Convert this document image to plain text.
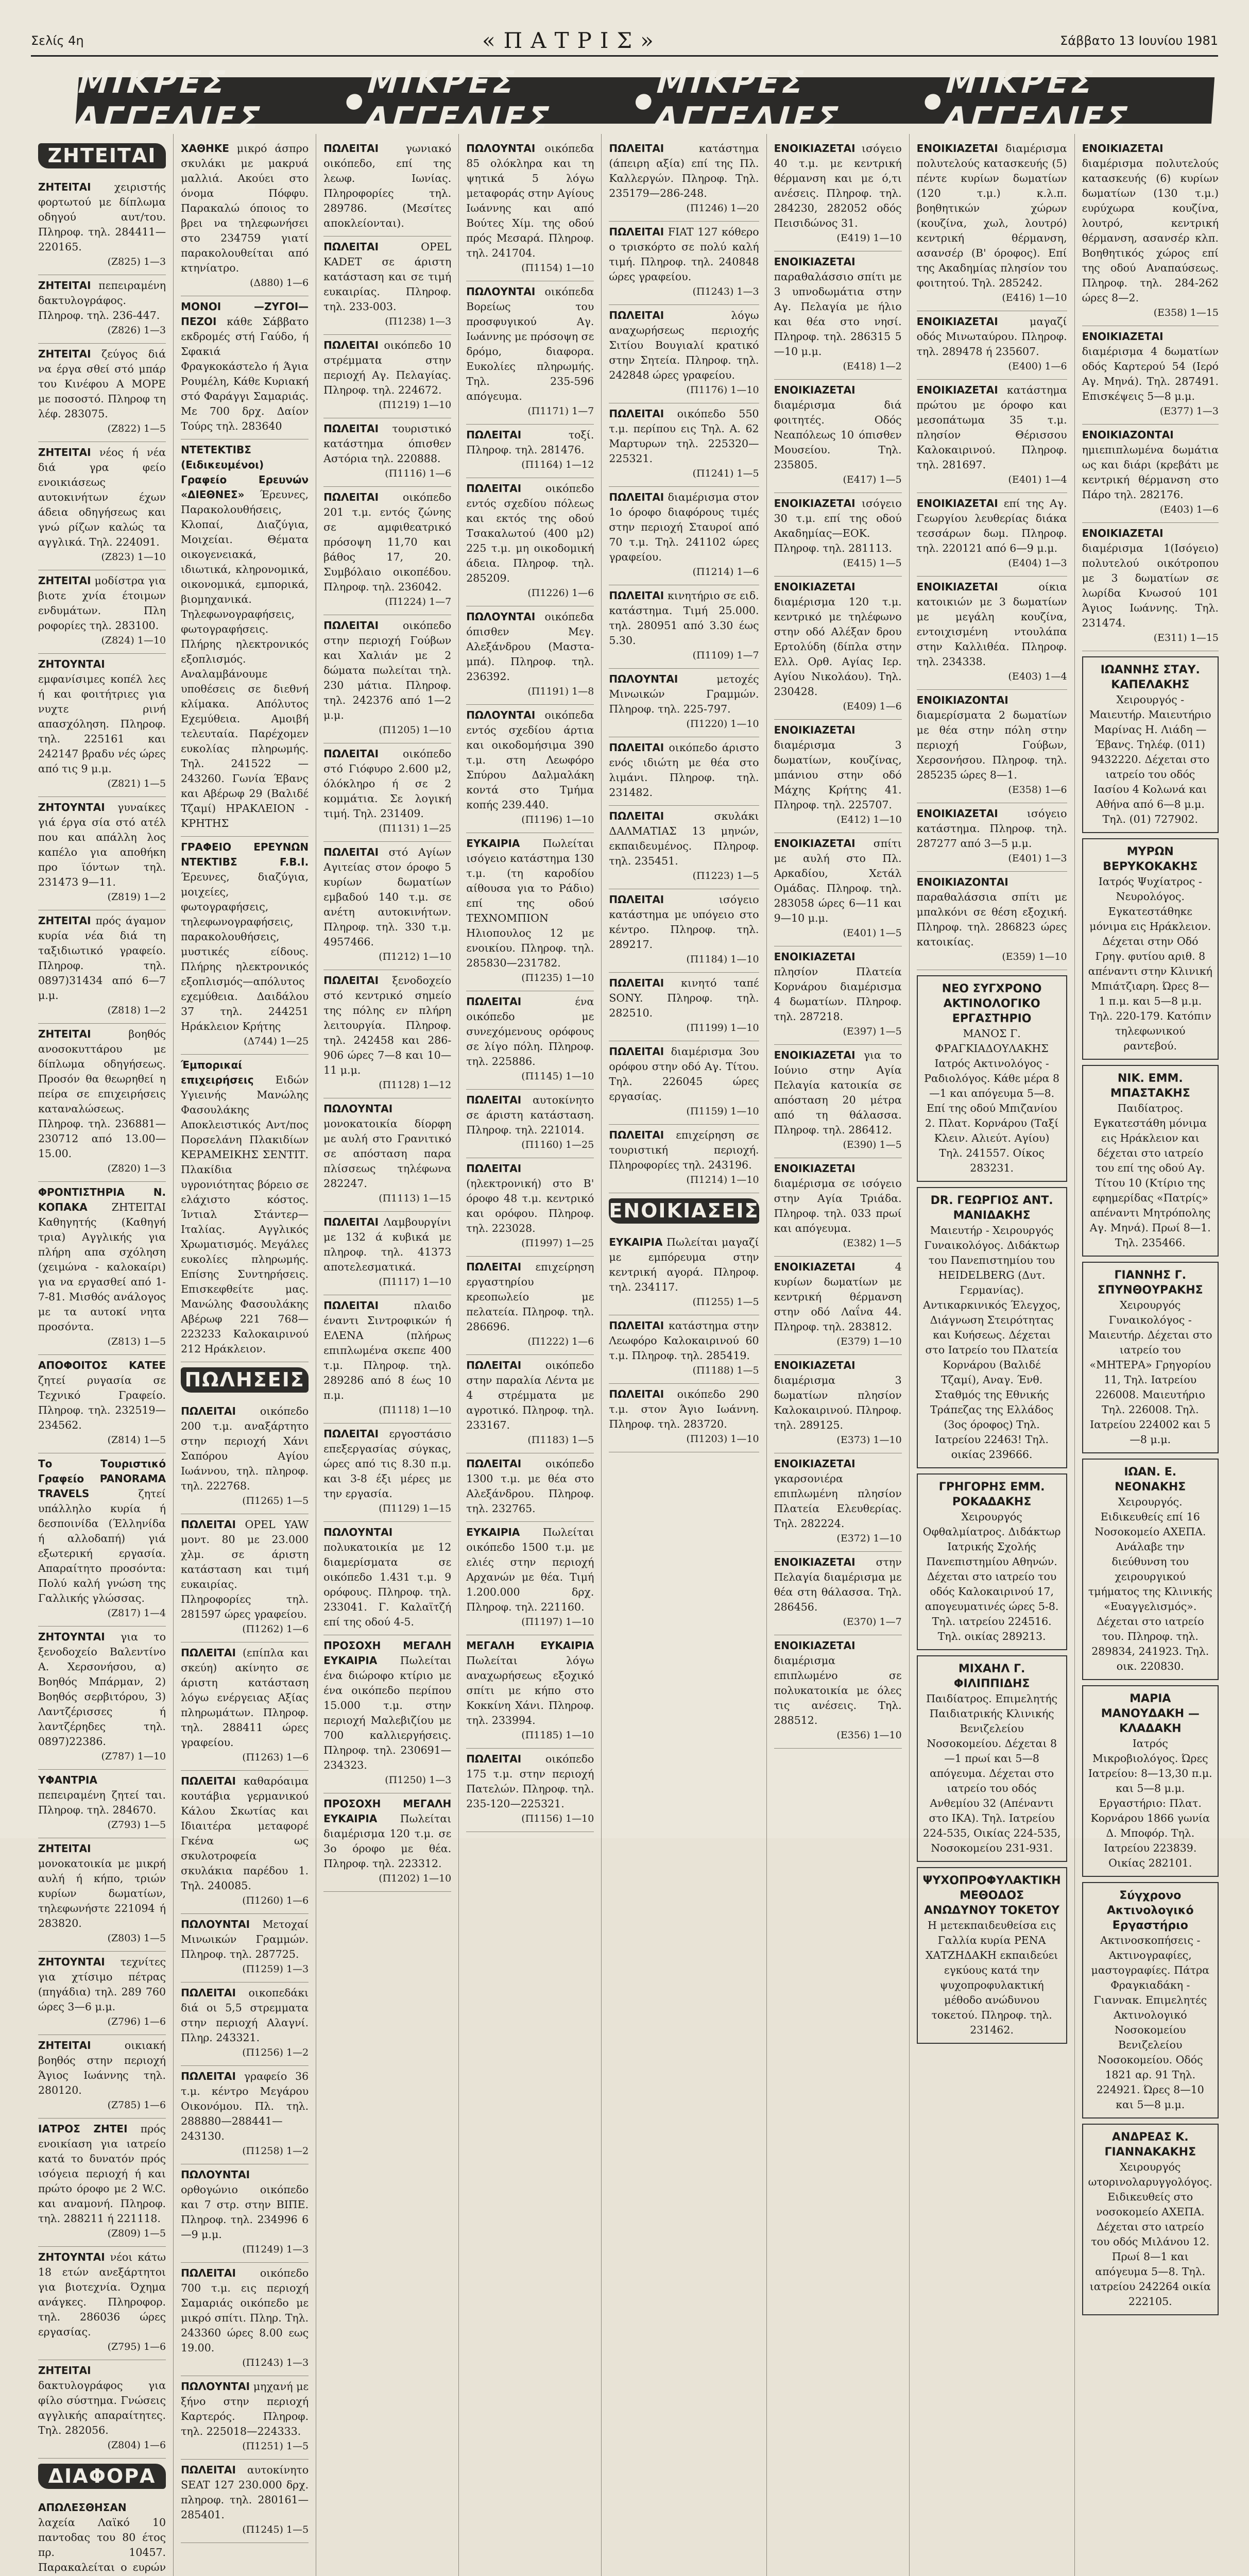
Σελίς 4η	«ΠΑΤΡΙΣ»	Σάββατο 13 Ιουνίου 1981
ΜΙΚΡΕΣ ΑΓΓΕΛΙΕΣ	●
ΜΙΚΡΕΣ ΑΓΓΕΛΙΕΣ	●
ΜΙΚΡΕΣ ΑΓΓΕΛΙΕΣ	●
ΜΙΚΡΕΣ ΑΓΓΕΛΙΕΣ
ΖΗΤΕΙΤΑΙ
ΖΗΤΕΙΤΑΙ χειριστής φορτωτού με δίπλωμα οδηγού αυτ/του. Πληροφ. τηλ. 284411—220165.
(Z825) 1—3
ΖΗΤΕΙΤΑΙ πεπειραμένη δακτυλογράφος. Πληροφ. τηλ. 236-447.
(Z826) 1—3
ΖΗΤΕΙΤΑΙ ζεύγος διά να έργα σθεί στό μπάρ του Κινέφου Α ΜΟΡΕ με ποσοστό. Πληροφ τη λέφ. 283075.
(Z822) 1—5
ΖΗΤΕΙΤΑΙ νέος ή νέα διά γρα φείο ενοικιάσεως αυτοκινήτων έχων άδεια οδηγήσεως και γνώ ρίζων καλώς τα αγγλικά. Τηλ. 224091.
(Z823) 1—10
ΖΗΤΕΙΤΑΙ μοδίστρα για βιοτε χνία έτοιμων ενδυμάτων. Πλη ροφορίες τηλ. 283100.
(Z824) 1—10
ΖΗΤΟΥΝΤΑΙ εμφανίσιμες κοπέλ λες ή και φοιτήτριες για νυχτε ρινή απασχόληση. Πληροφ. τηλ. 225161 και 242147 βραδυ νές ώρες από τις 9 μ.μ.
(Z821) 1—5
ΖΗΤΟΥΝΤΑΙ γυναίκες γιά έργα σία στό ατέλ που και απάλλη λος καπέλο για αποθήκη προ ϊόντων τηλ. 231473 9—11.
(Z819) 1—2
ΖΗΤΕΙΤΑΙ πρός άγαμον κυρία νέα διά τη ταξιδιωτικό γραφείο. Πληροφ. τηλ. 0897)31434 από 6—7 μ.μ.
(Z818) 1—2
ΖΗΤΕΙΤΑΙ	βοηθός ανοσοκυττάρου με δίπλωμα οδηγήσεως. Προσόν θα θεωρηθεί η πείρα σε επιχειρήσεις καταναλώσεως. Πληροφ. τηλ. 236881—230712 από 13.00—15.00.
(Z820) 1—3
ΦΡΟΝΤΙΣΤΗΡΙΑ Ν. ΚΟΠΑΚΑ ΖΗΤΕΙΤΑΙ Καθηγητής (Καθηγή τρια) Αγγλικής για πλήρη απα σχόληση (χειμώνα - καλοκαίρι) για να εργασθεί από 1-7-81. Μισθός ανάλογος με τα αυτοκί νητα προσόντα.
(Z813) 1—5
ΑΠΟΦΟΙΤΟΣ ΚΑΤΕΕ ζητεί ρυγασία σε Τεχνικό Γραφείο. Πληροφ. τηλ. 232519—234562.
(Z814) 1—5
Το Τουριστικό Γραφείο PANORAMA TRAVELS	ζητεί υπάλληλο κυρία ή δεσποινίδα (Έλληνίδα ή αλλοδαπή) γιά εξωτερική εργασία. Απαραίτητο προσόντα: Πολύ καλή γνώση της Γαλλικής γλώσσας.
(Z817) 1—4
ΖΗΤΟΥΝΤΑΙ για το ξενοδοχείο Βαλεντίνο Α. Χερσονήσου, α) Βοηθός Μπάρμαν, 2) Βοηθός σερβιτόρου, 3) Λαντζέρισσες ή λαντζέρηδες τηλ. 0897)22386.
(Z787) 1—10
ΥΦΑΝΤΡΙΑ πεπειραμένη ζητεί ται. Πληροφ. τηλ. 284670.
(Z793) 1—5
ΖΗΤΕΙΤΑΙ μονοκατοικία με μικρή αυλή ή κήπο, τριών κυρίων δωματίων, τηλεφωνήστε 221094 ή 283820.
(Z803) 1—5
ΖΗΤΟΥΝΤΑΙ τεχνίτες για χτίσιμο πέτρας (πηγάδια) τηλ. 289 760 ώρες 3—6 μ.μ.
(Z796) 1—6
ΖΗΤΕΙΤΑΙ	οικιακή βοηθός στην περιοχή Άγιος Ιωάννης τηλ. 280120.
(Z785) 1—6
ΙΑΤΡΟΣ ΖΗΤΕΙ πρός ενοικίαση για ιατρείο κατά το δυνατόν πρός ισόγεια περιοχή ή και πρώτο όροφο με 2 W.C. και αναμονή. Πληροφ. τηλ. 288211 ή 221118.
(Z809) 1—5
ΖΗΤΟΥΝΤΑΙ νέοι κάτω 18 ετών ανεξάρτητοι για βιοτεχνία. Όχημα ανάγκες. Πληροφορ. τηλ. 286036 ώρες εργασίας.
(Z795) 1—6
ΖΗΤΕΙΤΑΙ δακτυλογράφος για φίλο σύστημα. Γνώσεις αγγλικής απαραίτητες. Τηλ. 282056.
(Z804) 1—6
ΔΙΑΦΟΡΑ
ΑΠΩΛΕΣΘΗΣΑΝ λαχεία Λαϊκό 10 παντοδας του 80 έτος πρ. 10457. Παρακαλείται ο ευρών
ΧΑΘΗΚΕ μικρό άσπρο σκυλάκι με μακρυά μαλλιά. Ακούει στο όνομα Πόφφυ. Παρακαλώ όποιος το βρει να τηλεφωνήσει στο 234759 γιατί παρακολουθείται από κτηνίατρο.
(Δ880) 1—6
ΜΟΝΟΙ —ΖΥΓΟΙ—ΠΕΖΟΙ κάθε Σάββατο εκδρομές στή Γαύδο, ή Σφακιά Φραγκοκάστελο ή Άγια Ρουμέλη, Κάθε Κυριακή στό Φαράγγι Σαμαριάς. Με 700 δρχ. Δαίον Τούρς τηλ. 283640
ΝΤΕΤΕΚΤΙΒΣ (Ειδικευμένοι) Γραφείο Ερευνών «ΔΙΕΘΝΕΣ» Έρευνες, Παρακολουθήσεις, Κλοπαί, Διαζύγια, Μοιχείαι. Θέματα οικογενειακά, ιδιωτικά, κληρονομικά, οικονομικά, εμπορικά, βιομηχανικά. Τηλεφωνογραφήσεις, φωτογραφήσεις. Πλήρης ηλεκτρονικός εξοπλισμός. Αναλαμβάνουμε υποθέσεις σε διεθνή κλίμακα. Απόλυτος Εχεμύθεια. Αμοιβή τελευταία. Παρέχομεν ευκολίας πληρωμής. Τηλ. 241522 — 243260. Γωνία Έβανς και Αβέρωφ 29 (Βαλιδέ Τζαμί) ΗΡΑΚΛΕΙΟΝ - ΚΡΗΤΗΣ
ΓΡΑΦΕΙΟ ΕΡΕΥΝΩΝ ΝΤΕΚΤΙΒΣ F.B.I. Έρευνες, διαζύγια, μοιχείες, φωτογραφήσεις, τηλεφωνογραφήσεις, παρακολουθήσεις, μυστικές είδους. Πλήρης ηλεκτρονικός εξοπλισμός—απόλυτος εχεμύθεια. Δαιδάλου 37 τηλ. 244251 Ηράκλειον Κρήτης
(Δ744) 1—25
Έμπορικαί επιχειρήσεις Ειδών Υγιεινής Μανώλης Φασουλάκης Αποκλειστικός Αντ/πος Πορσελάνη Πλακιδίων ΚΕΡΑΜΕΙΚΗΣ ΣΕΝΤΙΤ. Πλακίδια υγρονιότητας βόρειο σε ελάχιστο κόστος. Ίντιαλ Στάντερ—Ιταλίας. Αγγλικός Χρωματισμός. Μεγάλες ευκολίες πληρωμής. Επίσης Συντηρήσεις. Επισκεφθείτε μας. Μανώλης Φασουλάκης Αβέρωφ 221 768—223233 Καλοκαιρινού 212 Ηράκλειον.
ΠΩΛΗΣΕΙΣ
ΠΩΛΕΙΤΑΙ οικόπεδο 200 τ.μ. αναξάρτητο στην περιοχή Χάνι Σαπόρου Αγίου Ιωάννου, τηλ. πληροφ. τηλ. 222768.
(Π1265) 1—5
ΠΩΛΕΙΤΑΙ OPEL YAW μοντ. 80 με 23.000 χλμ. σε άριστη κατάσταση και τιμή ευκαιρίας. Πληροφορίες τηλ. 281597 ώρες γραφείου.
(Π1262) 1—6
ΠΩΛΕΙΤΑΙ (επίπλα και σκεύη) ακίνητο σε άριστη κατάσταση λόγω ενέργειας Αξίας πληρωμάτων. Πληροφ. τηλ. 288411 ώρες γραφείου.
(Π1263) 1—6
ΠΩΛΕΙΤΑΙ καθαρόαιμα κουτάβια γερμανικού Κάλου Σκωτίας και Ιδιαιτέρα μεταφορέ Γκένα ως σκυλοτροφεία σκυλάκια παρέδου 1. Τηλ. 240085.
(Π1260) 1—6
ΠΩΛΟΥΝΤΑΙ Μετοχαί Μινωικών Γραμμών. Πληροφ. τηλ. 287725.
(Π1259) 1—3
ΠΩΛΕΙΤΑΙ οικοπεδάκι διά οι 5,5 στρεμματα στην περιοχή Αλαγνί. Πληρ. 243321.
(Π1256) 1—2
ΠΩΛΕΙΤΑΙ γραφείο 36 τ.μ. κέντρο Μεγάρου Οικονόμου. Πλ. τηλ. 288880—288441—243130.
(Π1258) 1—2
ΠΩΛΟΥΝΤΑΙ ορθογώνιο οικόπεδο και 7 στρ. στην ΒΙΠΕ. Πληροφ. τηλ. 234996 6—9 μ.μ.
(Π1249) 1—3
ΠΩΛΕΙΤΑΙ οικόπεδο 700 τ.μ. εις περιοχή Σαμαριάς οικόπεδο με μικρό σπίτι. Πληρ. Τηλ. 243360 ώρες 8.00 εως 19.00.
(Π1243) 1—3
ΠΩΛΟΥΝΤΑΙ μηχανή με ξήνο στην περιοχή Καρτερός. Πληροφ. τηλ. 225018—224333.
(Π1251) 1—5
ΠΩΛΕΙΤΑΙ αυτοκίνητο SEAT 127 230.000 δρχ. πληροφ. τηλ. 280161—285401.
(Π1245) 1—5
ΠΩΛΕΙΤΑΙ	γωνιακό οικόπεδο, επί της λεωφ. Ιωνίας. Πληροφορίες τηλ. 289786. (Μεσίτες αποκλείονται).
ΠΩΛΕΙΤΑΙ	OPEL KADET σε άριστη κατάσταση και σε τιμή ευκαιρίας. Πληροφ. τηλ. 233-003.
(Π1238) 1—3
ΠΩΛΕΙΤΑΙ οικόπεδο 10 στρέμματα στην περιοχή Αγ. Πελαγίας. Πληροφ. τηλ. 224672.
(Π1219) 1—10
ΠΩΛΕΙΤΑΙ τουριστικό κατάστημα όπισθεν Αστόρια τηλ. 220888.
(Π1116) 1—6
ΠΩΛΕΙΤΑΙ οικόπεδο 201 τ.μ. εντός ζώνης σε αμφιθεατρικό πρόσοψη 11,70 και βάθος 17, 20. Συμβόλαιο οικοπέδου. Πληροφ. τηλ. 236042.
(Π1224) 1—7
ΠΩΛΕΙΤΑΙ οικόπεδο στην περιοχή Γούβων και Χαλιάν με 2 δώματα πωλείται τηλ. 230 μάτια. Πληροφ. τηλ. 242376 από 1—2 μ.μ.
(Π1205) 1—10
ΠΩΛΕΙΤΑΙ οικόπεδο στό Γιόφυρο 2.600 μ2, όλόκληρο ή σε 2 κομμάτια. Σε λογική τιμή. Τηλ. 231409.
(Π1131) 1—25
ΠΩΛΕΙΤΑΙ στό Αγίων Αγιτείας στον όροφο 5 κυρίων δωματίων εμβαδού 140 τ.μ. σε ανέτη αυτοκινήτων. Πληροφ. τηλ. 330 τ.μ. 4957466.
(Π1212) 1—10
ΠΩΛΕΙΤΑΙ ξενοδοχείο στό κεντρικό σημείο της πόλης εν πλήρη λειτουργία. Πληροφ. τηλ. 242458 και 286-906 ώρες 7—8 και 10—11 μ.μ.
(Π1128) 1—12
ΠΩΛΟΥΝΤΑΙ μονοκατοικία δίορφη με αυλή στο Γρανιτικό σε απόσταση παρα πλίσσεως τηλέφωνα 282247.
(Π1113) 1—15
ΠΩΛΕΙΤΑΙ Λαμβουργίνι με 132 ά κυβικά με πληροφ. τηλ. 41373 αποτελεσματικά.
(Π1117) 1—10
ΠΩΛΕΙΤΑΙ	πλαιδο έναντι Σιντροφικών ή ΕΛΕΝΑ (πλήρως επιπλωμένα σκεπε 400 τ.μ. Πληροφ. τηλ. 289286 από 8 έως 10 π.μ.
(Π1118) 1—10
ΠΩΛΕΙΤΑΙ εργοστάσιο επεξεργασίας σύγκας, ώρες από τις 8.30 π.μ. και 3-8 έξι μέρες με την εργασία.
(Π1129) 1—15
ΠΩΛΟΥΝΤΑΙ πολυκατοικία με 12 διαμερίσματα σε οικόπεδο 1.431 τ.μ. 9 ορόφους. Πληροφ. τηλ. 233041. Γ. Καλαϊτζή επί της οδού 4-5.
ΠΡΟΣΟΧΗ ΜΕΓΑΛΗ ΕΥΚΑΙΡΙΑ Πωλείται ένα διώροφο κτίριο με ένα οικόπεδο περίπου 15.000 τ.μ. στην περιοχή Μαλεβιζίου με 700 καλλιεργήσεις. Πληροφ. τηλ. 230691—234323.
(Π1250) 1—3
ΠΡΟΣΟΧΗ ΜΕΓΑΛΗ ΕΥΚΑΙΡΙΑ Πωλείται διαμέρισμα 120 τ.μ. σε 3ο όροφο με θέα. Πληροφ. τηλ. 223312.
(Π1202) 1—10
ΠΩΛΟΥΝΤΑΙ οικόπεδα 85 ολόκληρα και τη ψητικά 5 λόγω μεταφοράς στην Αγίους Ιωάννης και από Βούτες Χίμ. της οδού πρός Μεσαρά. Πληροφ. τηλ. 241704.
(Π1154) 1—10
ΠΩΛΟΥΝΤΑΙ οικόπεδα Βορείως του προσφυγικού Αγ. Ιωάννης με πρόσοψη σε δρόμο, διαφορα. Ευκολίες πληρωμής. Τηλ. 235-596 απόγευμα.
(Π1171) 1—7
ΠΩΛΕΙΤΑΙ	τοξί. Πληροφ. τηλ. 281476.
(Π1164) 1—12
ΠΩΛΕΙΤΑΙ οικόπεδο εντός σχεδίου πόλεως και εκτός της οδού Τσακαλωτού (400 μ2) 225 τ.μ. μη οικοδομική άδεια. Πληροφ. τηλ. 285209.
(Π1226) 1—6
ΠΩΛΟΥΝΤΑΙ οικόπεδα όπισθεν Μεγ. Αλεξάνδρου (Μαστα-μπά). Πληροφ. τηλ. 236392.
(Π1191) 1—8
ΠΩΛΟΥΝΤΑΙ οικόπεδα εντός σχεδίου άρτια και οικοδομήσιμα 390 τ.μ. στη Λεωφόρο Σπύρου Δαλμαλάκη κοντά στο Τμήμα κοπής 239.440.
(Π1196) 1—10
ΕΥΚΑΙΡΙΑ Πωλείται ισόγειο κατάστημα 130 τ.μ. (τη καροδίου αίθουσα για το Ράδιο) επί της οδού ΤΕΧΝΟΜΠΙΟΝ Ηλιοπουλος 12 με ενοικίου. Πληροφ. τηλ. 285830—231782.
(Π1235) 1—10
ΠΩΛΕΙΤΑΙ	ένα οικόπεδο με συνεχόμενους ορόφους σε λίγο πόλη. Πληροφ. τηλ. 225886.
(Π1145) 1—10
ΠΩΛΕΙΤΑΙ αυτοκίνητο σε άριστη κατάσταση. Πληροφ. τηλ. 221014.
(Π1160) 1—25
ΠΩΛΕΙΤΑΙ (ηλεκτρονική) στο Β' όροφο 48 τ.μ. κεντρικό και ορόφου. Πληροφ. τηλ. 223028.
(Π1997) 1—25
ΠΩΛΕΙΤΑΙ επιχείρηση εργαστηρίου κρεοπωλείο με πελατεία. Πληροφ. τηλ. 286696.
(Π1222) 1—6
ΠΩΛΕΙΤΑΙ οικόπεδο στην παραλία Λέντα με 4 στρέμματα με αγροτικό. Πληροφ. τηλ. 233167.
(Π1183) 1—5
ΠΩΛΕΙΤΑΙ οικόπεδο 1300 τ.μ. με θέα στο Αλεξάνδρου. Πληροφ. τηλ. 232765.
ΕΥΚΑΙΡΙΑ Πωλείται οικόπεδο 1500 τ.μ. με ελιές στην περιοχή Αρχανών με θέα. Τιμή 1.200.000 δρχ. Πληροφ. τηλ. 221160.
(Π1197) 1—10
ΜΕΓΑΛΗ ΕΥΚΑΙΡΙΑ Πωλείται λόγω αναχωρήσεως εξοχικό σπίτι με κήπο στο Κοκκίνη Χάνι. Πληροφ. τηλ. 233994.
(Π1185) 1—10
ΠΩΛΕΙΤΑΙ οικόπεδο 175 τ.μ. στην περιοχή Πατελών. Πληροφ. τηλ. 235-120—225321.
(Π1156) 1—10
ΠΩΛΕΙΤΑΙ	κατάστημα (άπειρη αξία) επί της Πλ. Καλλεργών. Πληροφ. Τηλ. 235179—286-248.
(Π1246) 1—20
ΠΩΛΕΙΤΑΙ FIAT 127 κόθερο ο τρισκόρτο σε πολύ καλή τιμή. Πληροφ. τηλ. 240848 ώρες γραφείου.
(Π1243) 1—3
ΠΩΛΕΙΤΑΙ	λόγω αναχωρήσεως περιοχής Σιτίου Βουγιαλί κρατικό στην Σητεία. Πληροφ. τηλ. 242848 ώρες γραφείου.
(Π1176) 1—10
ΠΩΛΕΙΤΑΙ οικόπεδο 550 τ.μ. περίπου εις Τηλ. Α. 62 Μαρτυρων τηλ. 225320—225321.
(Π1241) 1—5
ΠΩΛΕΙΤΑΙ διαμέρισμα στον 1ο όροφο διαφόρους τιμές στην περιοχή Σταυροί από 70 τ.μ. Τηλ. 241102 ώρες γραφείου.
(Π1214) 1—6
ΠΩΛΕΙΤΑΙ κινητήριο σε ειδ. κατάστημα. Τιμή 25.000. τηλ. 280951 από 3.30 έως 5.30.
(Π1109) 1—7
ΠΩΛΟΥΝΤΑΙ	μετοχές Μινωικών Γραμμών. Πληροφ. τηλ. 225-797.
(Π1220) 1—10
ΠΩΛΕΙΤΑΙ οικόπεδο άριστο ενός ιδιώτη με θέα στο λιμάνι. Πληροφ. τηλ. 231482.
ΠΩΛΕΙΤΑΙ	σκυλάκι ΔΑΛΜΑΤΙΑΣ 13 μηνών, εκπαιδευμένος. Πληροφ. τηλ. 235451.
(Π1223) 1—5
ΠΩΛΕΙΤΑΙ	ισόγειο κατάστημα με υπόγειο στο κέντρο. Πληροφ. τηλ. 289217.
(Π1184) 1—10
ΠΩΛΕΙΤΑΙ κινητό ταπέ SONY. Πληροφ. τηλ. 282510.
(Π1199) 1—10
ΠΩΛΕΙΤΑΙ διαμέρισμα 3ου ορόφου στην οδό Αγ. Τίτου. Τηλ. 226045 ώρες εργασίας.
(Π1159) 1—10
ΠΩΛΕΙΤΑΙ επιχείρηση σε τουριστική περιοχή. Πληροφορίες τηλ. 243196.
(Π1214) 1—10
ΕΝΟΙΚΙΑΣΕΙΣ
ΕΥΚΑΙΡΙΑ Πωλείται μαγαζί με εμπόρευμα στην κεντρική αγορά. Πληροφ. τηλ. 234117.
(Π1255) 1—5
ΠΩΛΕΙΤΑΙ κατάστημα στην Λεωφόρο Καλοκαιρινού 60 τ.μ. Πληροφ. τηλ. 285419.
(Π1188) 1—5
ΠΩΛΕΙΤΑΙ οικόπεδο 290 τ.μ. στον Άγιο Ιωάννη. Πληροφ. τηλ. 283720.
(Π1203) 1—10
ΕΝΟΙΚΙΑΖΕΤΑΙ ισόγειο 40 τ.μ. με κεντρική θέρμανση και με ό,τι ανέσεις. Πληροφ. τηλ. 284230, 282052 οδός Πεισιδώνος 31.
(Ε419) 1—10
ΕΝΟΙΚΙΑΖΕΤΑΙ παραθαλάσσιο σπίτι με 3 υπνοδωμάτια στην Αγ. Πελαγία με ήλιο και θέα στο νησί. Πληροφ. τηλ. 286315 5—10 μ.μ.
(Ε418) 1—2
ΕΝΟΙΚΙΑΖΕΤΑΙ διαμέρισμα διά φοιτητές. Οδός Νεαπόλεως 10 όπισθεν Μουσείου. Τηλ. 235805.
(Ε417) 1—5
ΕΝΟΙΚΙΑΖΕΤΑΙ ισόγειο 30 τ.μ. επί της οδού Ακαδημίας—ΕΟΚ. Πληροφ. τηλ. 281113.
(Ε415) 1—5
ΕΝΟΙΚΙΑΖΕΤΑΙ διαμέρισμα 120 τ.μ. κεντρικό με τηλέφωνο στην οδό Αλέξαν δρου Ερτολύδη (δίπλα στην Ελλ. Ορθ. Αγίας Ιερ. Αγίου Νικολάου). Τηλ. 230428.
(Ε409) 1—6
ΕΝΟΙΚΙΑΖΕΤΑΙ διαμέρισμα 3 δωματίων, κουζίνας, μπάνιου στην οδό Μάχης Κρήτης 41. Πληροφ. τηλ. 225707.
(Ε412) 1—10
ΕΝΟΙΚΙΑΖΕΤΑΙ σπίτι με αυλή στο Πλ. Αρκαδίου, Χετάλ Ομάδας. Πληροφ. τηλ. 283058 ώρες 6—11 και 9—10 μ.μ.
(Ε401) 1—5
ΕΝΟΙΚΙΑΖΕΤΑΙ πλησίον Πλατεία Κορνάρου διαμέρισμα 4 δωματίων. Πληροφ. τηλ. 287218.
(Ε397) 1—5
ΕΝΟΙΚΙΑΖΕΤΑΙ για το Ιούνιο στην Αγία Πελαγία κατοικία σε απόσταση 20 μέτρα από τη θάλασσα. Πληροφ. τηλ. 286412.
(Ε390) 1—5
ΕΝΟΙΚΙΑΖΕΤΑΙ διαμέρισμα σε ισόγειο στην Αγία Τριάδα. Πληροφ. τηλ. 033 πρωί και απόγευμα.
(Ε382) 1—5
ΕΝΟΙΚΙΑΖΕΤΑΙ	4 κυρίων δωματίων με κεντρική θέρμανση στην οδό Λαΐνα 44. Πληροφ. τηλ. 283812.
(Ε379) 1—10
ΕΝΟΙΚΙΑΖΕΤΑΙ διαμέρισμα 3 δωματίων πλησίον Καλοκαιρινού. Πληροφ. τηλ. 289125.
(Ε373) 1—10
ΕΝΟΙΚΙΑΖΕΤΑΙ γκαρσονιέρα επιπλωμένη πλησίον Πλατεία Ελευθερίας. Τηλ. 282224.
(Ε372) 1—10
ΕΝΟΙΚΙΑΖΕΤΑΙ στην Πελαγία διαμέρισμα με θέα στη θάλασσα. Τηλ. 286456.
(Ε370) 1—7
ΕΝΟΙΚΙΑΖΕΤΑΙ διαμέρισμα επιπλωμένο σε πολυκατοικία με όλες τις ανέσεις. Τηλ. 288512.
(Ε356) 1—10
ΕΝΟΙΚΙΑΖΕΤΑΙ διαμέρισμα πολυτελούς κατασκευής (5) πέντε κυρίων δωματίων (120 τ.μ.) κ.λ.π. βοηθητικών χώρων (κουζίνα, χωλ, λουτρό) κεντρική θέρμανση, ασανσέρ (Β' όροφος). Επί της Ακαδημίας πλησίον του φοιτητού. Τηλ. 285242.
(Ε416) 1—10
ΕΝΟΙΚΙΑΖΕΤΑΙ	μαγαζί οδός Μινωταύρου. Πληροφ. τηλ. 289478 ή 235607.
(Ε400) 1—6
ΕΝΟΙΚΙΑΖΕΤΑΙ κατάστημα πρώτου με όροφο και μεσοπάτωμα 35 τ.μ. πλησίον Θέρισσου Καλοκαιρινού. Πληροφ. τηλ. 281697.
(Ε401) 1—4
ΕΝΟΙΚΙΑΖΕΤΑΙ επί της Αγ. Γεωργίου λευθερίας διάκα τεσσάρων δωμ. Πληροφ. τηλ. 220121 από 6—9 μ.μ.
(Ε404) 1—3
ΕΝΟΙΚΙΑΖΕΤΑΙ	οίκια κατοικιών με 3 δωματίων με μεγάλη κουζίνα, εντοιχισμένη ντουλάπα στην Καλλιθέα. Πληροφ. τηλ. 234338.
(Ε403) 1—4
ΕΝΟΙΚΙΑΖΟΝΤΑΙ διαμερίσματα 2 δωματίων με θέα στην πόλη στην περιοχή Γούβων, Χερσονήσου. Πληροφ. τηλ. 285235 ώρες 8—1.
(Ε358) 1—6
ΕΝΟΙΚΙΑΖΕΤΑΙ	ισόγειο κατάστημα. Πληροφ. τηλ. 287277 από 3—5 μ.μ.
(Ε401) 1—3
ΕΝΟΙΚΙΑΖΟΝΤΑΙ παραθαλάσσια σπίτι με μπαλκόνι σε θέση εξοχική. Πληροφ. τηλ. 286823 ώρες κατοικίας.
(Ε359) 1—10
ΝΕΟ ΣΥΓΧΡΟΝΟ ΑΚΤΙΝΟΛΟΓΙΚΟ ΕΡΓΑΣΤΗΡΙΟ
ΜΑΝΟΣ Γ. ΦΡΑΓΚΙΑΔΟΥΛΑΚΗΣ Ιατρός Ακτινολόγος - Ραδιολόγος. Κάθε μέρα 8—1 και απόγευμα 5—8. Επί της οδού Μπιζανίου 2. Πλατ. Κορνάρου (Ταξί Κλειν. Αλιεύτ. Αγίου) Τηλ. 241557. Οίκος 283231.
DR. ΓΕΩΡΓΙΟΣ ΑΝΤ. ΜΑΝΙΔΑΚΗΣ
Μαιευτήρ - Χειρουργός Γυναικολόγος. Διδάκτωρ του Πανεπιστημίου του HEIDELBERG (Δυτ. Γερμανίας). Αντικαρκινικός Έλεγχος, Διάγνωση Στειρότητας και Κυήσεως. Δέχεται στο Ιατρείο του Πλατεία Κορνάρου (Βαλιδέ Τζαμί), Αναγ. Ένθ. Σταθμός της Εθνικής Τράπεζας της Ελλάδος (3ος όροφος) Τηλ. Ιατρείου 22463! Τηλ. οικίας 239666.
ΓΡΗΓΟΡΗΣ ΕΜΜ. ΡΟΚΑΔΑΚΗΣ
Χειρουργός Οφθαλμίατρος. Διδάκτωρ Ιατρικής Σχολής Πανεπιστημίου Αθηνών. Δέχεται στο ιατρείο του οδός Καλοκαιρινού 17, απογευματινές ώρες 5-8. Τηλ. ιατρείου 224516. Τηλ. οικίας 289213.
ΜΙΧΑΗΛ Γ. ΦΙΛΙΠΠΙΔΗΣ
Παιδίατρος. Επιμελητής Παιδιατρικής Κλινικής Βενιζελείου Νοσοκομείου. Δέχεται 8—1 πρωί και 5—8 απόγευμα. Δέχεται στο ιατρείο του οδός Ανθεμίου 32 (Απέναντι στο ΙΚΑ). Τηλ. Ιατρείου 224-535, Οικίας 224-535, Νοσοκομείου 231-931.
ΨΥΧΟΠΡΟΦΥΛΑΚΤΙΚΗ ΜΕΘΟΔΟΣ ΑΝΩΔΥΝΟΥ ΤΟΚΕΤΟΥ
Η μετεκπαιδευθείσα εις Γαλλία κυρία ΡΕΝΑ ΧΑΤΖΗΔΑΚΗ εκπαιδεύει εγκύους κατά την ψυχοπροφυλακτική μέθοδο ανώδυνου τοκετού. Πληροφ. τηλ. 231462.
ΕΝΟΙΚΙΑΖΕΤΑΙ διαμέρισμα πολυτελούς κατασκευής (6) κυρίων δωματίων (130 τ.μ.) ευρύχωρα κουζίνα, λουτρό, κεντρική θέρμανση, ασανσέρ κλπ. Βοηθητικός χώρος επί της οδού Αναπαύσεως. Πληροφ. τηλ. 284-262 ώρες 8—2.
(Ε358) 1—15
ΕΝΟΙΚΙΑΖΕΤΑΙ διαμέρισμα 4 δωματίων οδός Καρτερού 54 (Ιερό Αγ. Μηνά). Τηλ. 287491. Επισκέψεις 5—8 μ.μ.
(Ε377) 1—3
ΕΝΟΙΚΙΑΖΟΝΤΑΙ ημιεπιπλωμένα δωμάτια ως και διάρι (κρεβάτι με κεντρική θέρμανση στο Πάρο τηλ. 282176.
(Ε403) 1—6
ΕΝΟΙΚΙΑΖΕΤΑΙ διαμέρισμα 1(Ισόγειο) πολυτελού οικότροπου με 3 δωματίων σε λωρίδα Κνωσού 101 Άγιος Ιωάννης. Τηλ. 231474.
(Ε311) 1—15
ΙΩΑΝΝΗΣ ΣΤΑΥ. ΚΑΠΕΛΑΚΗΣ
Χειρουργός - Μαιευτήρ. Μαιευτήριο Μαρίνας Η. Λιάδη — Έβανς. Τηλέφ. (011) 9432220. Δέχεται στο ιατρείο του οδός Ιασίου 4 Κολωνά και Αθήνα από 6—8 μ.μ. Τηλ. (01) 727902.
ΜΥΡΩΝ ΒΕΡΥΚΟΚΑΚΗΣ
Ιατρός Ψυχίατρος - Νευρολόγος. Εγκατεστάθηκε μόνιμα εις Ηράκλειον. Δέχεται στην Οδό Γρηγ. φυτίου αριθ. 8 απέναντι στην Κλινική Μπιάτζιαρη. Ώρες 8—1 π.μ. και 5—8 μ.μ. Τηλ. 220-179. Κατόπιν τηλεφωνικού ραντεβού.
ΝΙΚ. ΕΜΜ. ΜΠΑΣΤΑΚΗΣ
Παιδίατρος. Εγκατεστάθη μόνιμα εις Ηράκλειον και δέχεται στο ιατρείο του επί της οδού Αγ. Τίτου 10 (Κτίριο της εφημερίδας «Πατρίς» απέναντι Μητρόπολης Αγ. Μηνά). Πρωί 8—1. Τηλ. 235466.
ΓΙΑΝΝΗΣ Γ. ΣΠΥΝΘΟΥΡΑΚΗΣ
Χειρουργός Γυναικολόγος - Μαιευτήρ. Δέχεται στο ιατρείο του «ΜΗΤΕΡΑ» Γρηγορίου 11, Τηλ. Ιατρείου 226008. Μαιευτήριο Τηλ. 226008. Τηλ. Ιατρείου 224002 και 5—8 μ.μ.
ΙΩΑΝ. Ε. ΝΕΟΝΑΚΗΣ
Χειρουργός. Ειδικευθείς επί 16 Νοσοκομείο ΑΧΕΠΑ. Ανάλαβε την διεύθυνση του χειρουργικού τμήματος της Κλινικής «Ευαγγελισμός». Δέχεται στο ιατρείο του. Πληροφ. τηλ. 289834, 241923. Τηλ. οικ. 220830.
ΜΑΡΙΑ ΜΑΝΟΥΔΑΚΗ — ΚΛΑΔΑΚΗ
Ιατρός Μικροβιολόγος. Ώρες Ιατρείου: 8—13,30 π.μ. και 5—8 μ.μ. Εργαστήριο: Πλατ. Κορνάρου 1866 γωνία Δ. Μποφόρ. Τηλ. Ιατρείου 223839. Οικίας 282101.
Σύγχρονο Ακτινολογικό Εργαστήριο
Ακτινοσκοπήσεις - Ακτινογραφίες, μαστογραφίες. Πάτρα Φραγκιαδάκη - Γιαννακ. Επιμελητές Ακτινολογικό Νοσοκομείου Βενιζελείου Νοσοκομείου. Οδός 1821 αρ. 91 Τηλ. 224921. Ώρες 8—10 και 5—8 μ.μ.
ΑΝΔΡΕΑΣ Κ. ΓΙΑΝΝΑΚΑΚΗΣ
Χειρουργός ωτορινολαρυγγολόγος. Ειδικευθείς στο νοσοκομείο ΑΧΕΠΑ. Δέχεται στο ιατρείο του οδός Μιλάνου 12. Πρωί 8—1 και απόγευμα 5—8. Τηλ. ιατρείου 242264 οικία 222105.
